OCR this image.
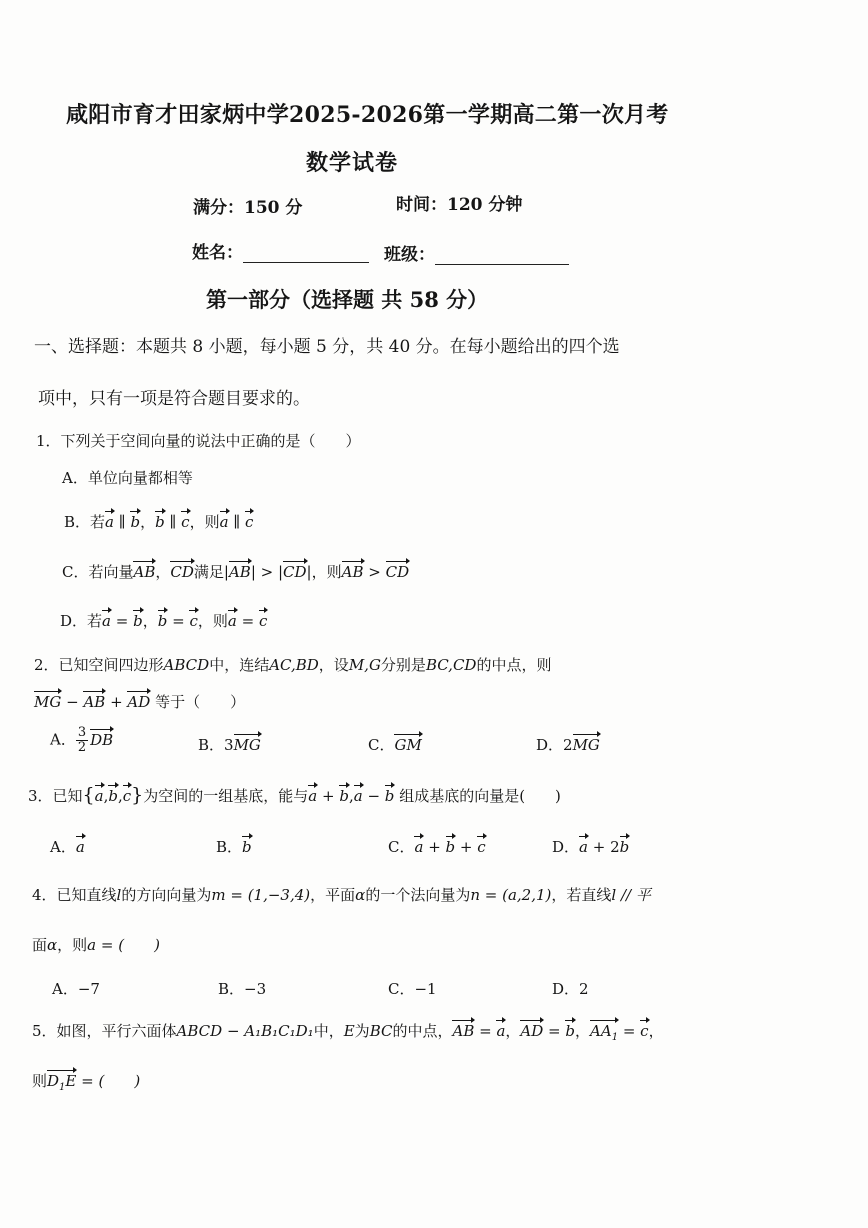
咸阳市育才田家炳中学2025-2026第一学期高二第一次月考
数学试卷
满分：150 分	时间：120 分钟
姓名：	班级：
第一部分（选择题 共 58 分）
一、选择题：本题共 8 小题，每小题 5 分，共 40 分。在每小题给出的四个选
项中，只有一项是符合题目要求的。
1．下列关于空间向量的说法中正确的是（　　）
A．单位向量都相等
B．若a ∥ b，b ∥ c，则a ∥ c
C．若向量AB，CD满足|AB| > |CD|，则AB > CD
D．若a = b，b = c，则a = c
2．已知空间四边形ABCD中，连结AC,BD，设M,G分别是BC,CD的中点，则
MG − AB + AD 等于（　　）
A． $\frac{3}{2}$ DB	B．3MG	C．GM	D．2MG
3．已知{a,b,c}为空间的一组基底，能与a + b,a − b 组成基底的向量是(　　)
A．a	B．b	C．a + b + c	D．a + 2b
4．已知直线l的方向向量为m = (1,−3,4)，平面α的一个法向量为n = (a,2,1)，若直线l // 平
面α，则a = (　　)
A．−7	B．−3	C．−1	D．2
5．如图，平行六面体ABCD − A₁B₁C₁D₁中，E为BC的中点，AB = a，AD = b，$AA_1 = c$，
则$D_1E$ = (　　)
